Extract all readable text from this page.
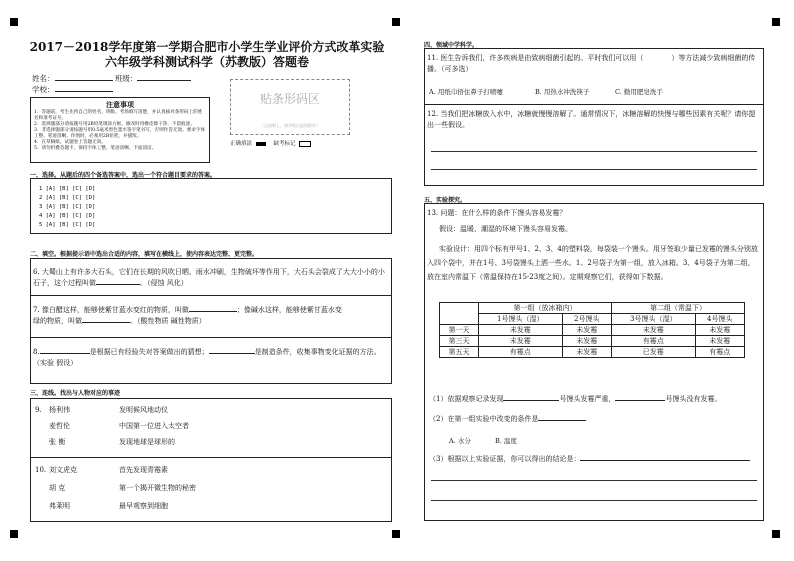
2017－2018学年度第一学期合肥市小学生学业评价方式改革实验
六年级学科测试科学（苏教版）答题卷
姓名：	班级：
学校：
贴条形码区
（正面朝上，请勿贴出虚线框外）
正确填涂	缺考标记
注意事项
1．答题前，考生先将自己的姓名、班级、考场填写清楚，并认真核对条形码上的姓名和准考证号。
2．选择题部分请按题号用2B铅笔填涂方框，修改时用橡皮擦干净，不留痕迹。
3．非选择题部分请按题号用0.5毫米黑色墨水签字笔书写，否则作答无效。要求字体工整、笔迹清晰。作图时，必须用2B铅笔，并描浓。
4．在草稿纸、试题卷上答题无效。
5．请勿折叠答题卡，保持字体工整、笔迹清晰、卡面清洁。
一、选择。从题后的四个备选答案中，选出一个符合题目要求的答案。
1 [A] [B] [C] [D]
2 [A] [B] [C] [D]
3 [A] [B] [C] [D]
4 [A] [B] [C] [D]
5 [A] [B] [C] [D]
二、填空。根据提示语中选出合适的内容，填写在横线上，使内容表达完整、更完整。
6. 大蜀山上有许多大石头，它们在长期的风吹日晒、雨水冲刷，生物破坏等作用下，大石头会裂成了大大小小的小石子，这个过程叫做	。（侵蚀 风化）
7. 像白醋这样，能够使紫甘蓝水变红的物质，叫做	；像碱水这样，能够使紫甘蓝水变
绿的物质，叫做	。（酸性物质 碱性物质）
8.	是根据已有经验失对答案做出的猜想；	是制造条件，收集事物变化证据的方法。（实验 假设）
三、连线。找出与人物对应的事迹
9. 杨利伟
麦哲伦
张 衡
发明候风地动仪
中国第一位进入太空者
发现地球是球形的
10. 刘文虎克
胡 克
弗莱明
首先发现青霉素
第一个揭开微生物的秘密
最早观察到细胞
四、领域中学科学。
11. 医生告诉我们，许多疾病是由致病细菌引起的。平时我们可以用（	）等方法减少致病细菌的传播。（可多选）
A. 用纸巾捂住鼻子打喷嚏	B. 用热水冲洗筷子	C. 勤用肥皂洗手
12. 当我们把冰糖放入水中，冰糖就慢慢溶解了。通常情况下，冰糖溶解的快慢与哪些因素有关呢？请你提出一些假设。
五、实验探究。
13. 问题：在什么样的条件下馒头容易发霉？
假设：温暖、潮湿的环境下馒头容易发霉。
实验设计：用四个标有甲号1、2、3、4的塑料袋，每袋装一个馒头。用牙签取少量已发霉的馒头分别放入四个袋中，并在1号、3号袋馒头上洒一些水。1、2号袋子为第一组，放入冰箱。3、4号袋子为第二组，放在室内常温下（常温保持在15-23度之间）。定期观察它们，获得如下数据。
	第一组（放冰箱内）		第二组（常温下）	
	1号馒头（湿）	2号馒头	3号馒头（湿）	4号馒头
第一天	未发霉	未发霉	未发霉	未发霉
第三天	未发霉	未发霉	有霉点	未发霉
第五天	有霉点	未发霉	已发霉	有霉点
（1）依据观察记录发现	号馒头发霉严重，	号馒头没有发霉。
（2）在第一组实验中改变的条件是
A. 水分	B. 温度
（3）根据以上实验证据，你可以得出的结论是：
